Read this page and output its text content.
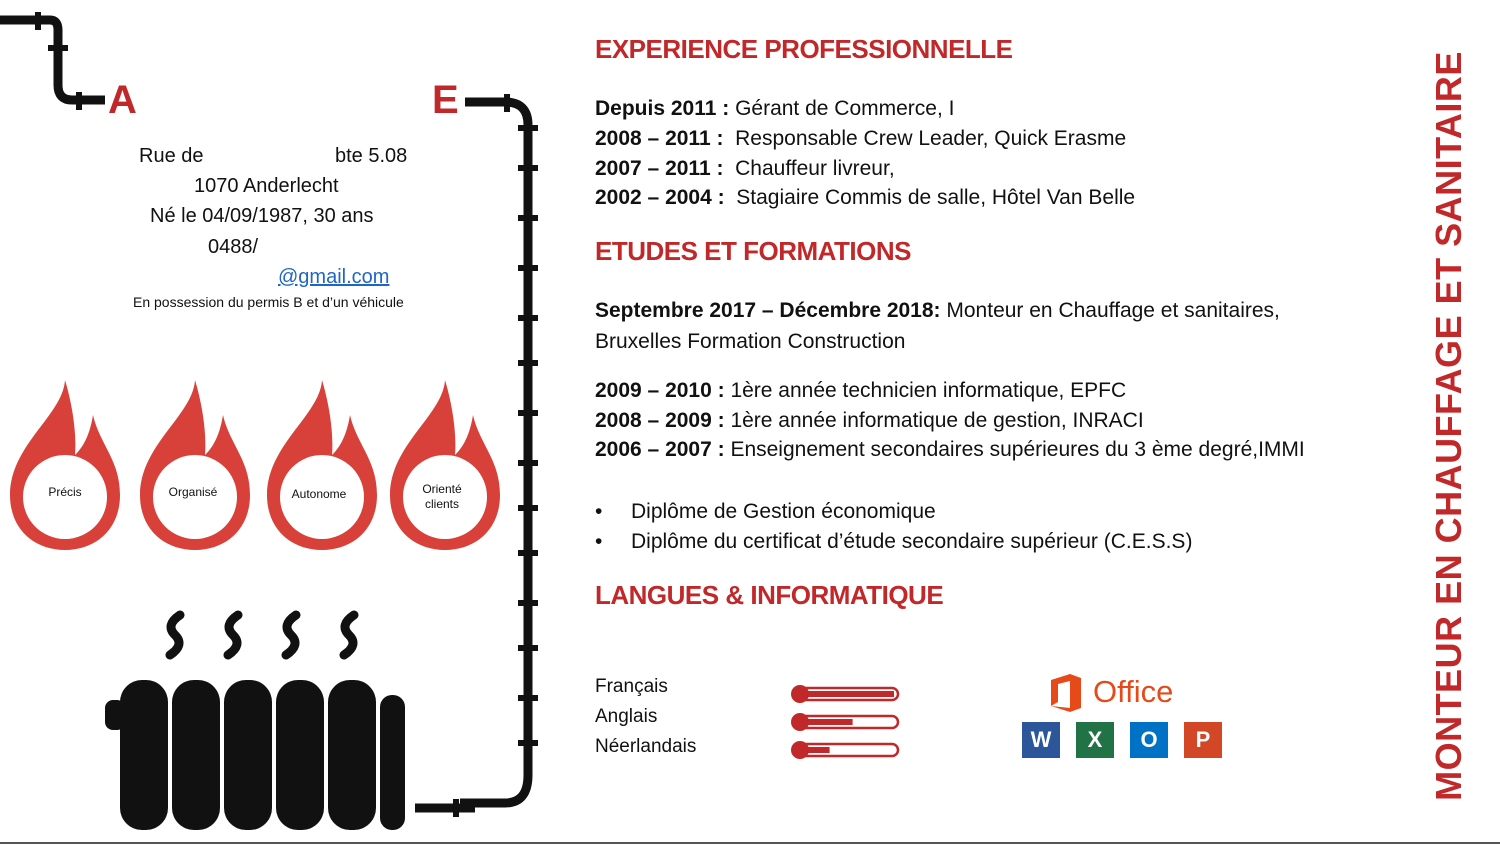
A	E
Rue de	bte 5.08
1070 Anderlecht
Né le 04/09/1987, 30 ans
0488/
@gmail.com
En possession du permis B et d’un véhicule
Précis	Organisé	Autonome	Orienté clients
EXPERIENCE PROFESSIONNELLE
Depuis 2011 : Gérant de Commerce, I
2008 – 2011 :  Responsable Crew Leader, Quick Erasme
2007 – 2011 :  Chauffeur livreur,
2002 – 2004 :  Stagiaire Commis de salle, Hôtel Van Belle
ETUDES ET FORMATIONS
Septembre 2017 – Décembre 2018: Monteur en Chauffage et sanitaires,
Bruxelles Formation Construction
2009 – 2010 : 1ère année technicien informatique, EPFC
2008 – 2009 : 1ère année informatique de gestion, INRACI
2006 – 2007 : Enseignement secondaires supérieures du 3 ème degré,IMMI
• Diplôme de Gestion économique
• Diplôme du certificat d’étude secondaire supérieur (C.E.S.S)
LANGUES & INFORMATIQUE
Français
Anglais
Néerlandais
Office
W	X	O	P	MONTEUR EN CHAUFFAGE ET SANITAIRE
